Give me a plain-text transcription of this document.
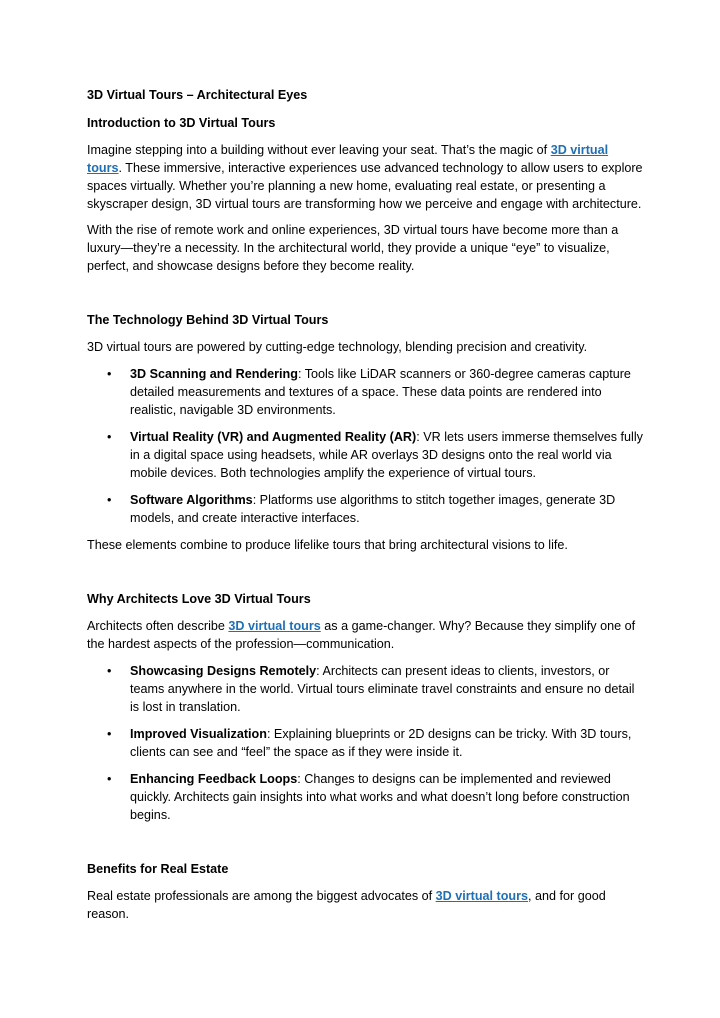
3D Virtual Tours – Architectural Eyes

Introduction to 3D Virtual Tours

Imagine stepping into a building without ever leaving your seat. That’s the magic of 3D virtual tours. These immersive, interactive experiences use advanced technology to allow users to explore spaces virtually. Whether you’re planning a new home, evaluating real estate, or presenting a skyscraper design, 3D virtual tours are transforming how we perceive and engage with architecture.

With the rise of remote work and online experiences, 3D virtual tours have become more than a luxury—they’re a necessity. In the architectural world, they provide a unique “eye” to visualize, perfect, and showcase designs before they become reality.

The Technology Behind 3D Virtual Tours

3D virtual tours are powered by cutting-edge technology, blending precision and creativity.

• 3D Scanning and Rendering: Tools like LiDAR scanners or 360-degree cameras capture detailed measurements and textures of a space. These data points are rendered into realistic, navigable 3D environments.
• Virtual Reality (VR) and Augmented Reality (AR): VR lets users immerse themselves fully in a digital space using headsets, while AR overlays 3D designs onto the real world via mobile devices. Both technologies amplify the experience of virtual tours.
• Software Algorithms: Platforms use algorithms to stitch together images, generate 3D models, and create interactive interfaces.

These elements combine to produce lifelike tours that bring architectural visions to life.

Why Architects Love 3D Virtual Tours

Architects often describe 3D virtual tours as a game-changer. Why? Because they simplify one of the hardest aspects of the profession—communication.

• Showcasing Designs Remotely: Architects can present ideas to clients, investors, or teams anywhere in the world. Virtual tours eliminate travel constraints and ensure no detail is lost in translation.
• Improved Visualization: Explaining blueprints or 2D designs can be tricky. With 3D tours, clients can see and “feel” the space as if they were inside it.
• Enhancing Feedback Loops: Changes to designs can be implemented and reviewed quickly. Architects gain insights into what works and what doesn’t long before construction begins.

Benefits for Real Estate

Real estate professionals are among the biggest advocates of 3D virtual tours, and for good reason.
